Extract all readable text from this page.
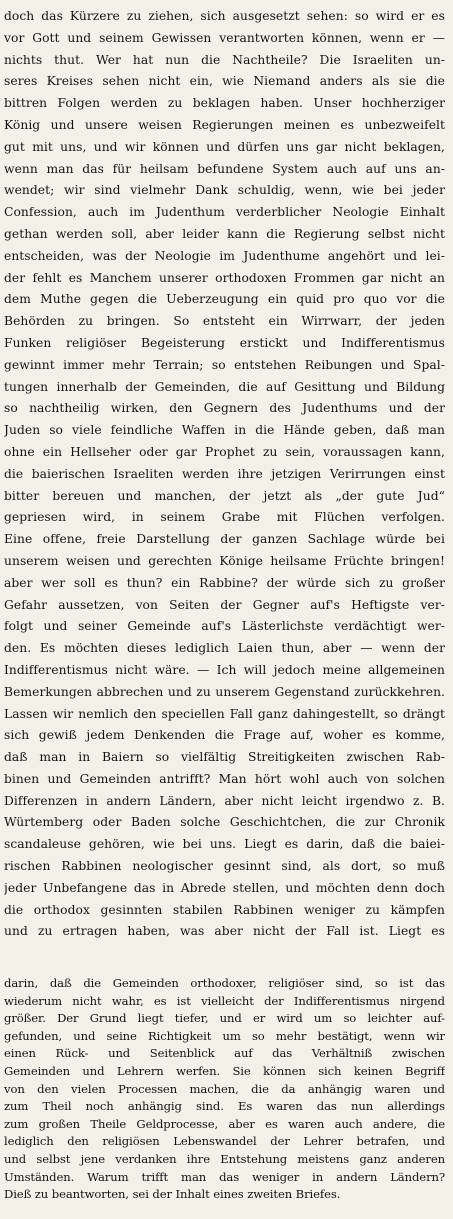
doch das Kürzere zu ziehen, sich ausgesetzt sehen: so wird er es
vor Gott und seinem Gewissen verantworten können, wenn er —
nichts thut. Wer hat nun die Nachtheile? Die Israeliten un-
seres Kreises sehen nicht ein, wie Niemand anders als sie die
bittren Folgen werden zu beklagen haben. Unser hochherziger
König und unsere weisen Regierungen meinen es unbezweifelt
gut mit uns, und wir können und dürfen uns gar nicht beklagen,
wenn man das für heilsam befundene System auch auf uns an-
wendet; wir sind vielmehr Dank schuldig, wenn, wie bei jeder
Confession, auch im Judenthum verderblicher Neologie Einhalt
gethan werden soll, aber leider kann die Regierung selbst nicht
entscheiden, was der Neologie im Judenthume angehört und lei-
der fehlt es Manchem unserer orthodoxen Frommen gar nicht an
dem Muthe gegen die Ueberzeugung ein quid pro quo vor die
Behörden zu bringen. So entsteht ein Wirrwarr, der jeden
Funken religiöser Begeisterung erstickt und Indifferentismus
gewinnt immer mehr Terrain; so entstehen Reibungen und Spal-
tungen innerhalb der Gemeinden, die auf Gesittung und Bildung
so nachtheilig wirken, den Gegnern des Judenthums und der
Juden so viele feindliche Waffen in die Hände geben, daß man
ohne ein Hellseher oder gar Prophet zu sein, voraussagen kann,
die baierischen Israeliten werden ihre jetzigen Verirrungen einst
bitter bereuen und manchen, der jetzt als „der gute Jud“
gepriesen wird, in seinem Grabe mit Flüchen verfolgen.
Eine offene, freie Darstellung der ganzen Sachlage würde bei
unserem weisen und gerechten Könige heilsame Früchte bringen!
aber wer soll es thun? ein Rabbine? der würde sich zu großer
Gefahr aussetzen, von Seiten der Gegner auf's Heftigste ver-
folgt und seiner Gemeinde auf's Lästerlichste verdächtigt wer-
den. Es möchten dieses lediglich Laien thun, aber — wenn der
Indifferentismus nicht wäre. — Ich will jedoch meine allgemeinen
Bemerkungen abbrechen und zu unserem Gegenstand zurückkehren.
Lassen wir nemlich den speciellen Fall ganz dahingestellt, so drängt
sich gewiß jedem Denkenden die Frage auf, woher es komme,
daß man in Baiern so vielfältig Streitigkeiten zwischen Rab-
binen und Gemeinden antrifft? Man hört wohl auch von solchen
Differenzen in andern Ländern, aber nicht leicht irgendwo z. B.
Würtemberg oder Baden solche Geschichtchen, die zur Chronik
scandaleuse gehören, wie bei uns. Liegt es darin, daß die baiei-
rischen Rabbinen neologischer gesinnt sind, als dort, so muß
jeder Unbefangene das in Abrede stellen, und möchten denn doch
die orthodox gesinnten stabilen Rabbinen weniger zu kämpfen
und zu ertragen haben, was aber nicht der Fall ist. Liegt es
darin, daß die Gemeinden orthodoxer, religiöser sind, so ist das
wiederum nicht wahr, es ist vielleicht der Indifferentismus nirgend
größer. Der Grund liegt tiefer, und er wird um so leichter auf-
gefunden, und seine Richtigkeit um so mehr bestätigt, wenn wir
einen Rück- und Seitenblick auf das Verhältniß zwischen
Gemeinden und Lehrern werfen. Sie können sich keinen Begriff
von den vielen Processen machen, die da anhängig waren und
zum Theil noch anhängig sind. Es waren das nun allerdings
zum großen Theile Geldprocesse, aber es waren auch andere, die
lediglich den religiösen Lebenswandel der Lehrer betrafen, und
und selbst jene verdanken ihre Entstehung meistens ganz anderen
Umständen. Warum trifft man das weniger in andern Ländern?
Dieß zu beantworten, sei der Inhalt eines zweiten Briefes.
